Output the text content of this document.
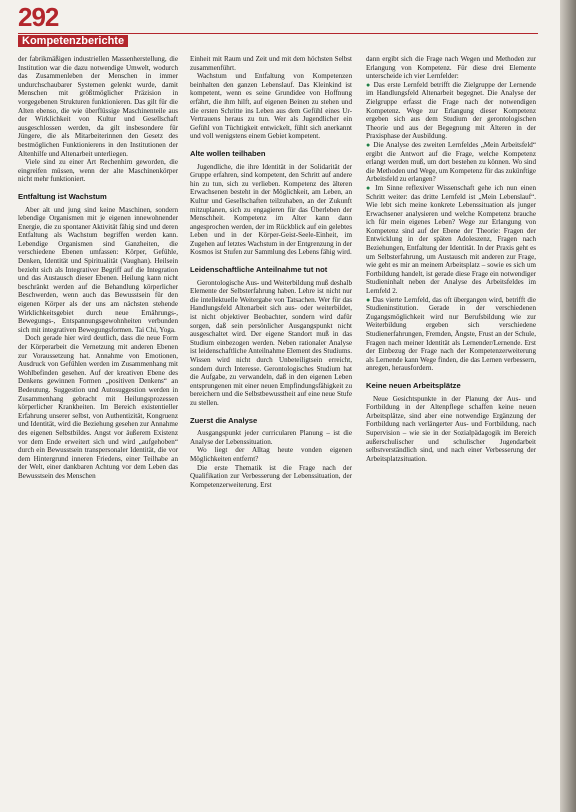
292
Kompetenzberichte

der fabrikmäßigen industriellen Massenherstellung, die Institution war die dazu notwendige Umwelt, wodurch das Zusammenleben der Menschen in immer undurchschaubarer Systemen gelenkt wurde, damit Menschen mit größtmöglicher Präzision in vorgegebenen Strukturen funktionieren. Das gilt für die Alten ebenso, die wie überflüssige Maschinenteile aus der Wirklichkeit von Kultur und Gesellschaft ausgeschlossen werden, da gilt insbesondere für Jüngere, die als Mitarbeiterinnen den Gesetz des bestmöglichen Funktionierens in den Institutionen der Altenhilfe und Altenarbeit unterliegen.

Viele sind zu einer Art Rechenhirn geworden, die eingreifen müssen, wenn der alte Maschinenkörper nicht mehr funktioniert.

Entfaltung ist Wachstum

Aber alt und jung sind keine Maschinen, sondern lebendige Organismen mit je eigenen innewohnender Energie, die zu spontaner Aktivität fähig sind und deren Entfaltung als Wachstum begriffen werden kann. Lebendige Organismen sind Ganzheiten, die verschiedene Ebenen umfassen: Körper, Gefühle, Denken, Identität und Spiritualität (Vaughan). Heilsein bezieht sich als Integrativer Begriff auf die Integration und das Austausch dieser Ebenen. Heilung kann nicht beschränkt werden auf die Behandlung körperlicher Beschwerden, wenn auch das Bewusstsein für den eigenen Körper als der uns am nächsten stehende Wirklichkeitsgebiet durch neue Ernährungs-, Bewegungs-, Entspannungsgewohnheiten verbunden sich mit integrativen Bewegungsformen. Tai Chi, Yoga.

Doch gerade hier wird deutlich, dass die neue Form der Körperarbeit die Vernetzung mit anderen Ebenen zur Voraussetzung hat. Annahme von Emotionen, Ausdruck von Gefühlen werden im Zusammenhang mit Wohlbefinden gesehen. Auf der kreativen Ebene des Denkens gewinnen Formen „positiven Denkens“ an Bedeutung. Suggestion und Autosuggestion werden in Zusammenhang gebracht mit Heilungsprozessen körperlicher Krankheiten. Im Bereich existentieller Erfahrung unserer selbst, von Authentizität, Kongruenz und Identität, wird die Beziehung gesehen zur Annahme des eigenen Selbstbildes. Angst vor äußerem Existenz vor dem Ende erweitert sich und wird „aufgehoben“ durch ein Bewusstsein transpersonaler Identität, die vor dem Hintergrund inneren Friedens, einer Teilhabe an der Welt, einer dankbaren Achtung vor dem Leben das Bewusstsein des Menschen

Einheit mit Raum und Zeit und mit dem höchsten Selbst zusammenführt.

Wachstum und Entfaltung von Kompetenzen beinhalten den ganzen Lebenslauf. Das Kleinkind ist kompetent, wenn es seine Grundidee von Hoffnung erfährt, die ihm hilft, auf eigenen Beinen zu stehen und die ersten Schritte ins Leben aus dem Gefühl eines Ur-Vertrauens heraus zu tun. Wer als Jugendlicher ein Gefühl von Tüchtigkeit entwickelt, fühlt sich anerkannt und voll wenigstens einem Gebiet kompetent.

Alte wollen teilhaben

Jugendliche, die ihre Identität in der Solidarität der Gruppe erfahren, sind kompetent, den Schritt auf andere hin zu tun, sich zu verlieben. Kompetenz des älteren Erwachsenen besteht in der Möglichkeit, am Leben, an Kultur und Gesellschaften teilzuhaben, an der Zukunft mitzuplanen, sich zu engagieren für das Überleben der Menschheit. Kompetenz im Alter kann dann angesprochen werden, der im Rückblick auf ein gelebtes Leben und in der Körper-Geist-Seele-Einheit, im Zugehen auf letztes Wachstum in der Entgrenzung in der Kosmos ist Stufen zur Sammlung des Lebens fähig wird.

Leidenschaftliche Anteilnahme tut not

Gerontologische Aus- und Weiterbildung muß deshalb Elemente der Selbsterfahrung haben. Lehre ist nicht nur die intellektuelle Weitergabe von Tatsachen. Wer für das Handlungsfeld Altenarbeit sich aus- oder weiterbildet, ist nicht objektiver Beobachter, sondern wird dafür sorgen, daß sein persönlicher Ausgangspunkt nicht ausgeschaltet wird. Der eigene Standort muß in das Studium einbezogen werden. Neben rationaler Analyse ist leidenschaftliche Anteilnahme Element des Studiums. Wissen wird nicht durch Unbeteiligtsein erreicht, sondern durch Interesse. Gerontologisches Studium hat die Aufgabe, zu verwandeln, daß in den eigenen Leben entsprungenen mit einer neuen Empfindungsfähigkeit zu bereichern und die Selbstbewusstheit auf eine neue Stufe zu stellen.

Zuerst die Analyse

Ausgangspunkt jeder curricularen Planung – ist die Analyse der Lebenssituation.

Wo liegt der Alltag heute vonden eigenen Möglichkeiten entfernt?

Die erste Thematik ist die Frage nach der Qualifikation zur Verbesserung der Lebenssituation, der Kompetenzerweiterung. Erst

dann ergibt sich die Frage nach Wegen und Methoden zur Erlangung von Kompetenz. Für diese drei Elemente unterscheide ich vier Lernfelder:

● Das erste Lernfeld betrifft die Zielgruppe der Lernende im Handlungsfeld Altenarbeit begegnet. Die Analyse der Zielgruppe erfasst die Frage nach der notwendigen Kompetenz. Wege zur Erlangung dieser Kompetenz ergeben sich aus dem Studium der gerontologischen Theorie und aus der Begegnung mit Älteren in der Praxisphase der Ausbildung.

● Die Analyse des zweiten Lernfeldes „Mein Arbeitsfeld“ ergibt die Antwort auf die Frage, welche Kompetenz erlangt werden muß, um dort bestehen zu können. Wo sind die Methoden und Wege, um Kompetenz für das zukünftige Arbeitsfeld zu erlangen?

● Im Sinne reflexiver Wissenschaft gehe ich nun einen Schritt weiter: das dritte Lernfeld ist „Mein Lebenslauf“. Wie lebt sich meine konkrete Lebenssituation als junger Erwachsener analysieren und welche Kompetenz brauche ich für mein eigenes Leben? Wege zur Erlangung von Kompetenz sind auf der Ebene der Theorie: Fragen der Entwicklung in der späten Adoleszenz, Fragen nach Beziehungen, Entfaltung der Identität. In der Praxis geht es um Selbsterfahrung, um Austausch mit anderen zur Frage, wie geht es mir an meinem Arbeitsplatz – sowie es sich um Fortbildung handelt, ist gerade diese Frage ein notwendiger Studieninhalt neben der Analyse des Arbeitsfeldes im Lernfeld 2.

● Das vierte Lernfeld, das oft übergangen wird, betrifft die Studieninstitution. Gerade in der verschiedenen Zugangsmöglichkeit wird nur Berufsbildung wie zur Weiterbildung ergeben sich verschiedene Studienerfahrungen, Fremden, Ängste, Frust an der Schule, Fragen nach meiner Identität als Lernender/Lernende. Erst der Einbezug der Frage nach der Kompetenzerweiterung als Lernende kann Wege finden, die das Lernen verbessern, anregen, herausfordern.

Keine neuen Arbeitsplätze

Neue Gesichtspunkte in der Planung der Aus- und Fortbildung in der Altenpflege schaffen keine neuen Arbeitsplätze, sind aber eine notwendige Ergänzung der Fortbildung nach verlängerter Aus- und Fortbildung, nach Supervision – wie sie in der Sozialpädagogik im Bereich außerschulischer und schulischer Jugendarbeit selbstverständlich sind, und nach einer Verbesserung der Arbeitsplatzsituation.
